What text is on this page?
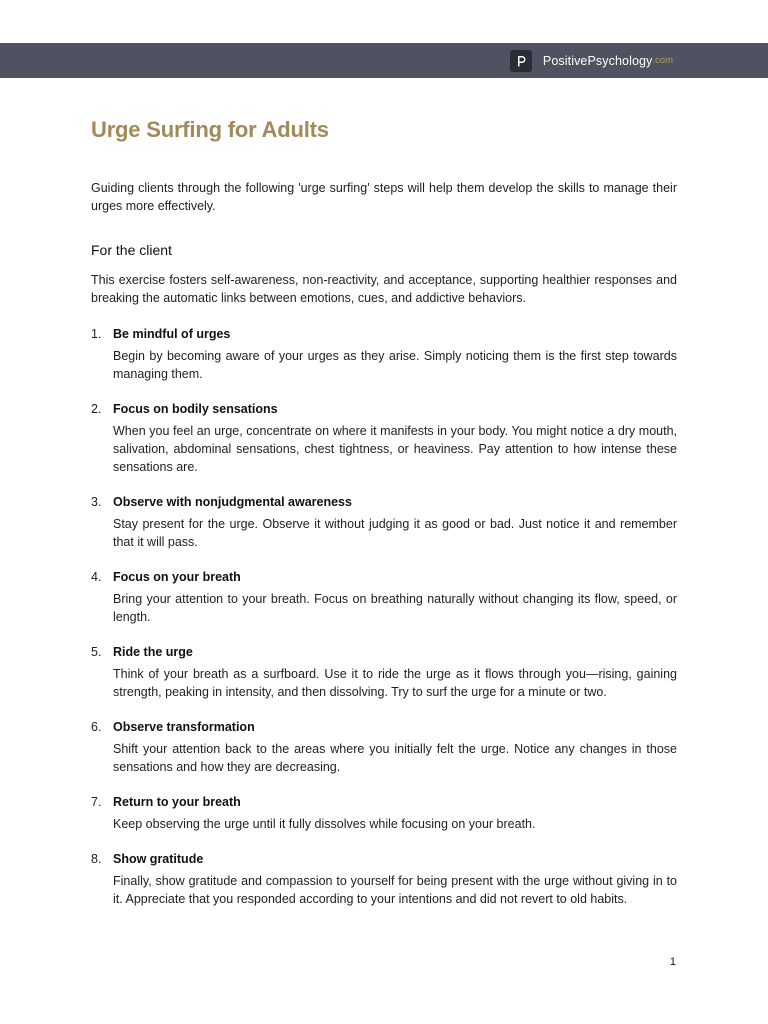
PositivePsychology .com
Urge Surfing for Adults

Guiding clients through the following 'urge surfing' steps will help them develop the skills to manage their urges more effectively.

For the client

This exercise fosters self-awareness, non-reactivity, and acceptance, supporting healthier responses and breaking the automatic links between emotions, cues, and addictive behaviors.

1. Be mindful of urges

Begin by becoming aware of your urges as they arise. Simply noticing them is the first step towards managing them.

2. Focus on bodily sensations

When you feel an urge, concentrate on where it manifests in your body. You might notice a dry mouth, salivation, abdominal sensations, chest tightness, or heaviness. Pay attention to how intense these sensations are.

3. Observe with nonjudgmental awareness

Stay present for the urge. Observe it without judging it as good or bad. Just notice it and remember that it will pass.

4. Focus on your breath

Bring your attention to your breath. Focus on breathing naturally without changing its flow, speed, or length.

5. Ride the urge

Think of your breath as a surfboard. Use it to ride the urge as it flows through you—rising, gaining strength, peaking in intensity, and then dissolving. Try to surf the urge for a minute or two.

6. Observe transformation

Shift your attention back to the areas where you initially felt the urge. Notice any changes in those sensations and how they are decreasing.

7. Return to your breath

Keep observing the urge until it fully dissolves while focusing on your breath.

8. Show gratitude

Finally, show gratitude and compassion to yourself for being present with the urge without giving in to it. Appreciate that you responded according to your intentions and did not revert to old habits.

1
